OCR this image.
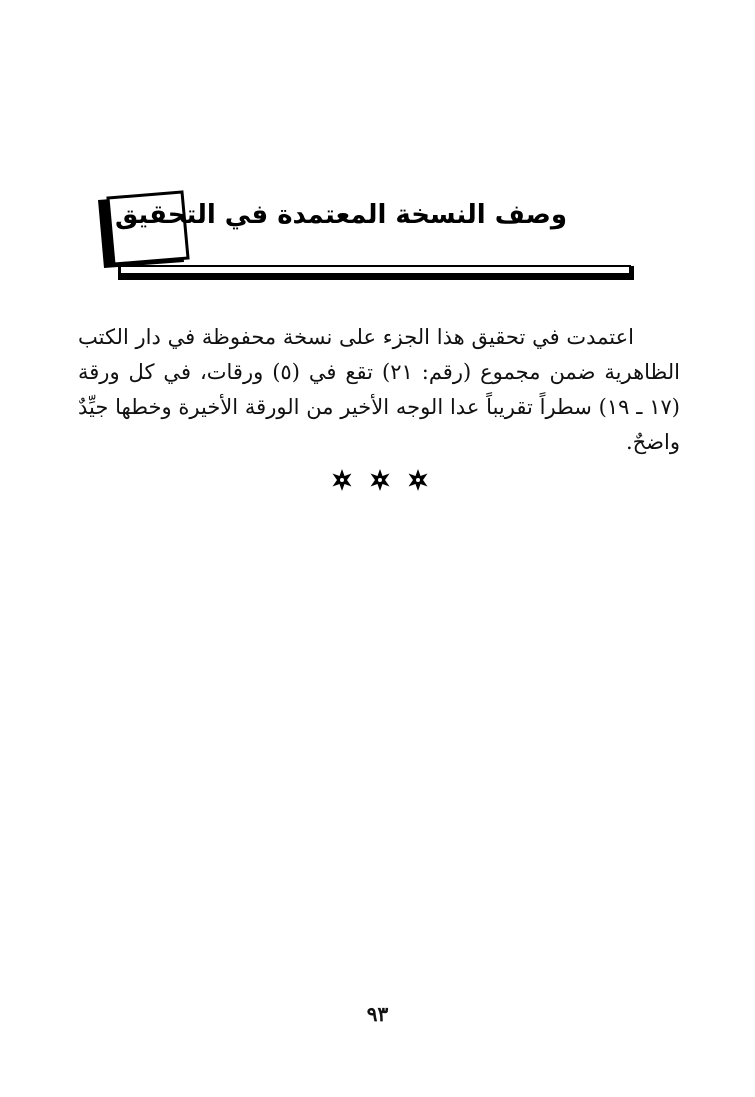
وصف النسخة المعتمدة في التحقيق

اعتمدت في تحقيق هذا الجزء على نسخة محفوظة في دار الكتب الظاهرية ضمن مجموع (رقم: ٢١) تقع في (٥) ورقات، في كل ورقة (١٧ ـ ١٩) سطراً تقريباً عدا الوجه الأخير من الورقة الأخيرة وخطها جيِّدٌ واضحٌ.

٩٣
